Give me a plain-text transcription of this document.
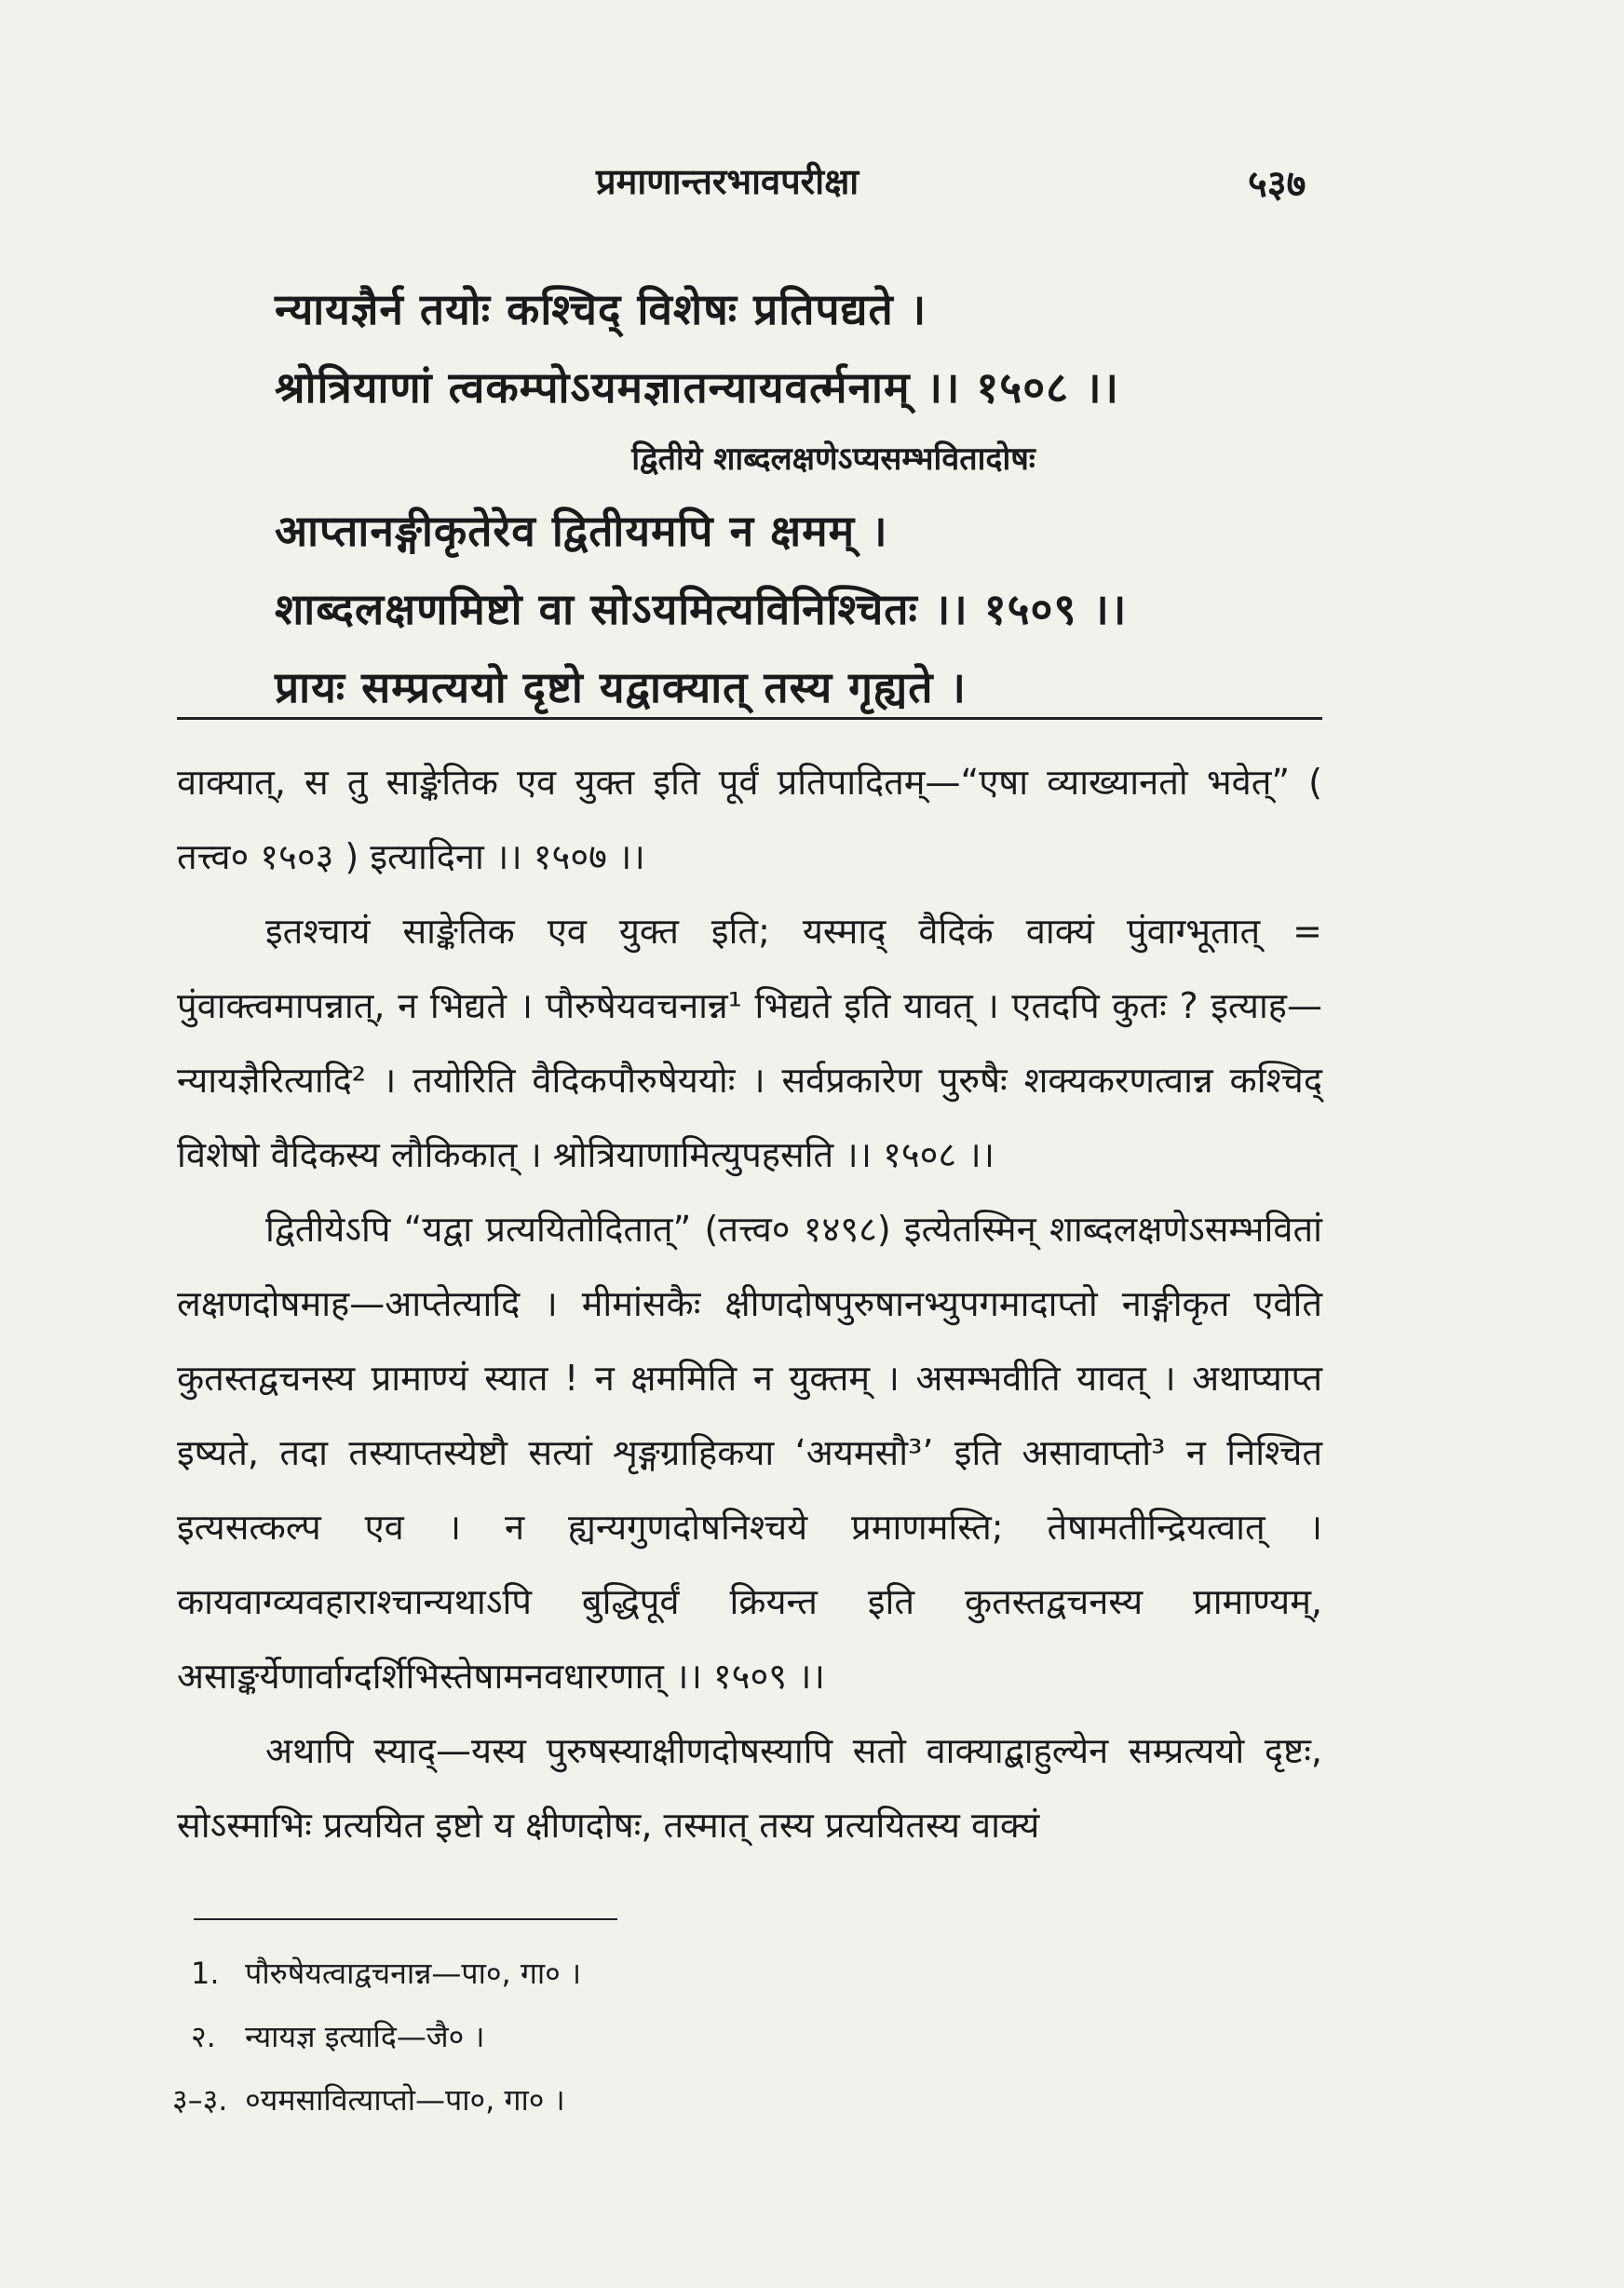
प्रमाणान्तरभावपरीक्षा	५३७
न्यायज्ञैर्न तयोः कश्चिद् विशेषः प्रतिपद्यते ।
श्रोत्रियाणां त्वकम्पोऽयमज्ञातन्यायवर्त्मनाम् ।। १५०८ ।।
द्वितीये शाब्दलक्षणेऽप्यसम्भवितादोषः
आप्तानङ्गीकृतेरेव द्वितीयमपि न क्षमम् ।
शाब्दलक्षणमिष्टो वा सोऽयमित्यविनिश्चितः ।। १५०९ ।।
प्रायः सम्प्रत्ययो दृष्टो यद्वाक्यात् तस्य गृह्यते ।

वाक्यात्, स तु साङ्केतिक एव युक्त इति पूर्वं प्रतिपादितम्—“एषा व्याख्यानतो भवेत्” ( तत्त्व० १५०३ ) इत्यादिना ।। १५०७ ।।

इतश्चायं साङ्केतिक एव युक्त इति; यस्माद् वैदिकं वाक्यं पुंवाग्भूतात् = पुंवाक्त्वमापन्नात्, न भिद्यते । पौरुषेयवचनान्न¹ भिद्यते इति यावत् । एतदपि कुतः ? इत्याह—न्यायज्ञैरित्यादि² । तयोरिति वैदिकपौरुषेययोः । सर्वप्रकारेण पुरुषैः शक्यकरणत्वान्न कश्चिद् विशेषो वैदिकस्य लौकिकात् । श्रोत्रियाणामित्युपहसति ।। १५०८ ।।

द्वितीयेऽपि “यद्वा प्रत्ययितोदितात्” (तत्त्व० १४९८) इत्येतस्मिन् शाब्दलक्षणेऽसम्भवितां लक्षणदोषमाह—आप्तेत्यादि । मीमांसकैः क्षीणदोषपुरुषानभ्युपगमादाप्तो नाङ्गीकृत एवेति कुतस्तद्वचनस्य प्रामाण्यं स्यात ! न क्षममिति न युक्तम् । असम्भवीति यावत् । अथाप्याप्त इष्यते, तदा तस्याप्तस्येष्टौ सत्यां शृङ्गग्राहिकया ‘अयमसौ³’ इति असावाप्तो³ न निश्चित इत्यसत्कल्प एव । न ह्यन्यगुणदोषनिश्चये प्रमाणमस्ति; तेषामतीन्द्रियत्वात् । कायवाग्व्यवहाराश्चान्यथाऽपि बुद्धिपूर्वं क्रियन्त इति कुतस्तद्वचनस्य प्रामाण्यम्, असाङ्कर्येणार्वाग्दर्शिभिस्तेषामनवधारणात् ।। १५०९ ।।

अथापि स्याद्—यस्य पुरुषस्याक्षीणदोषस्यापि सतो वाक्याद्बाहुल्येन सम्प्रत्ययो दृष्टः, सोऽस्माभिः प्रत्ययित इष्टो य क्षीणदोषः, तस्मात् तस्य प्रत्ययितस्य वाक्यं

1. पौरुषेयत्वाद्वचनान्न—पा०, गा० ।
२. न्यायज्ञ इत्यादि—जै० ।
३–३. ०यमसावित्याप्तो—पा०, गा० ।
